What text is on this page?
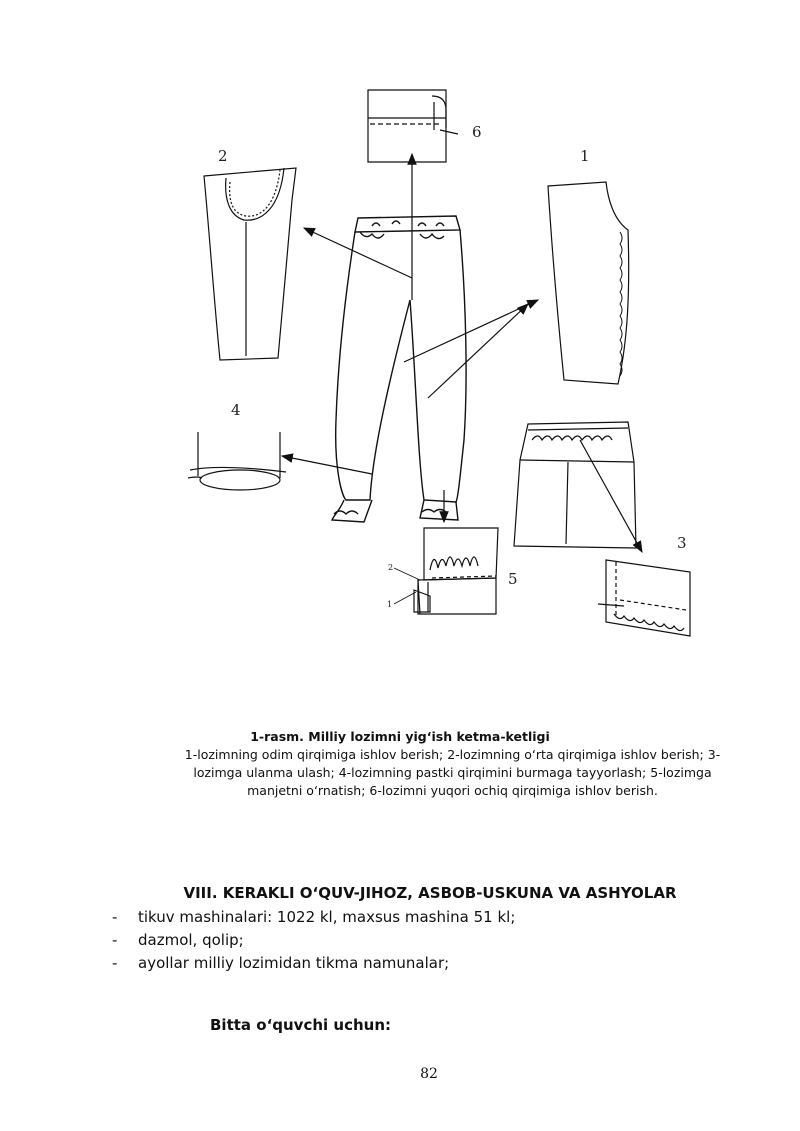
6
2	1
4
3
5
2
1
1-rasm. Milliy lozimni yig‘ish ketma-ketligi
1-lozimning odim qirqimiga ishlov berish; 2-lozimning o‘rta qirqimiga ishlov berish; 3-lozimga ulanma ulash; 4-lozimning pastki qirqimini burmaga tayyorlash; 5-lozimga manjetni o‘rnatish; 6-lozimni yuqori ochiq qirqimiga ishlov berish.
VIII. KERAKLI O‘QUV-JIHOZ, ASBOB-USKUNA VA ASHYOLAR
- tikuv mashinalari: 1022 kl, maxsus mashina 51 kl;
- dazmol, qolip;
- ayollar milliy lozimidan tikma namunalar;
Bitta o‘quvchi uchun:
82
